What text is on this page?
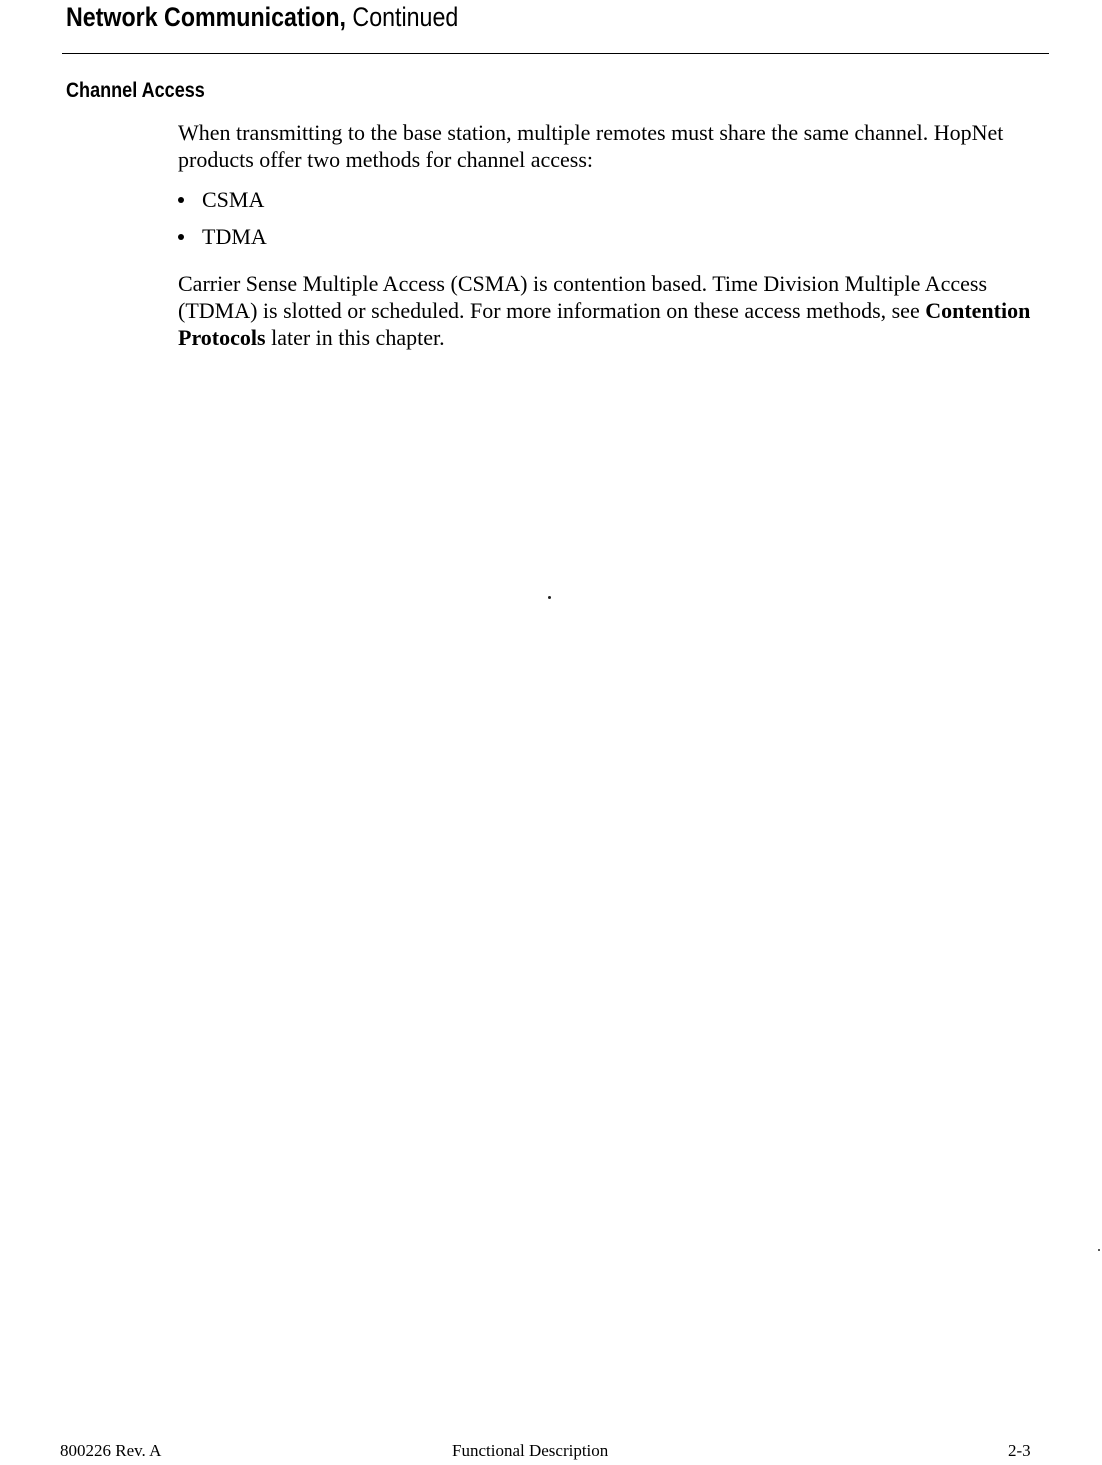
Network Communication, Continued
Channel Access

When transmitting to the base station, multiple remotes must share the same channel. HopNet products offer two methods for channel access:

CSMA
TDMA

Carrier Sense Multiple Access (CSMA) is contention based. Time Division Multiple Access (TDMA) is slotted or scheduled. For more information on these access methods, see Contention Protocols later in this chapter.

800226 Rev. A	Functional Description	2-3
